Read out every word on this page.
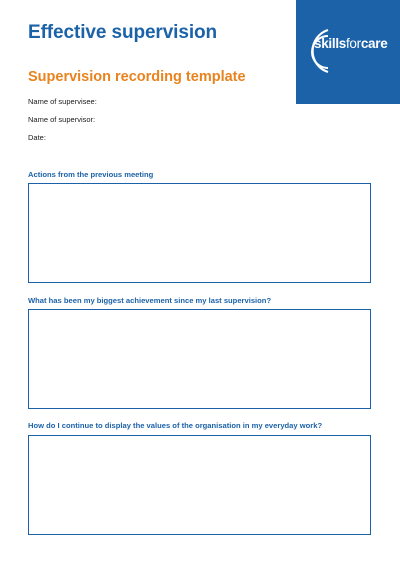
Effective supervision
Supervision recording template
skillsforcare
Name of supervisee:
Name of supervisor:
Date:
Actions from the previous meeting
What has been my biggest achievement since my last supervision?
How do I continue to display the values of the organisation in my everyday work?
